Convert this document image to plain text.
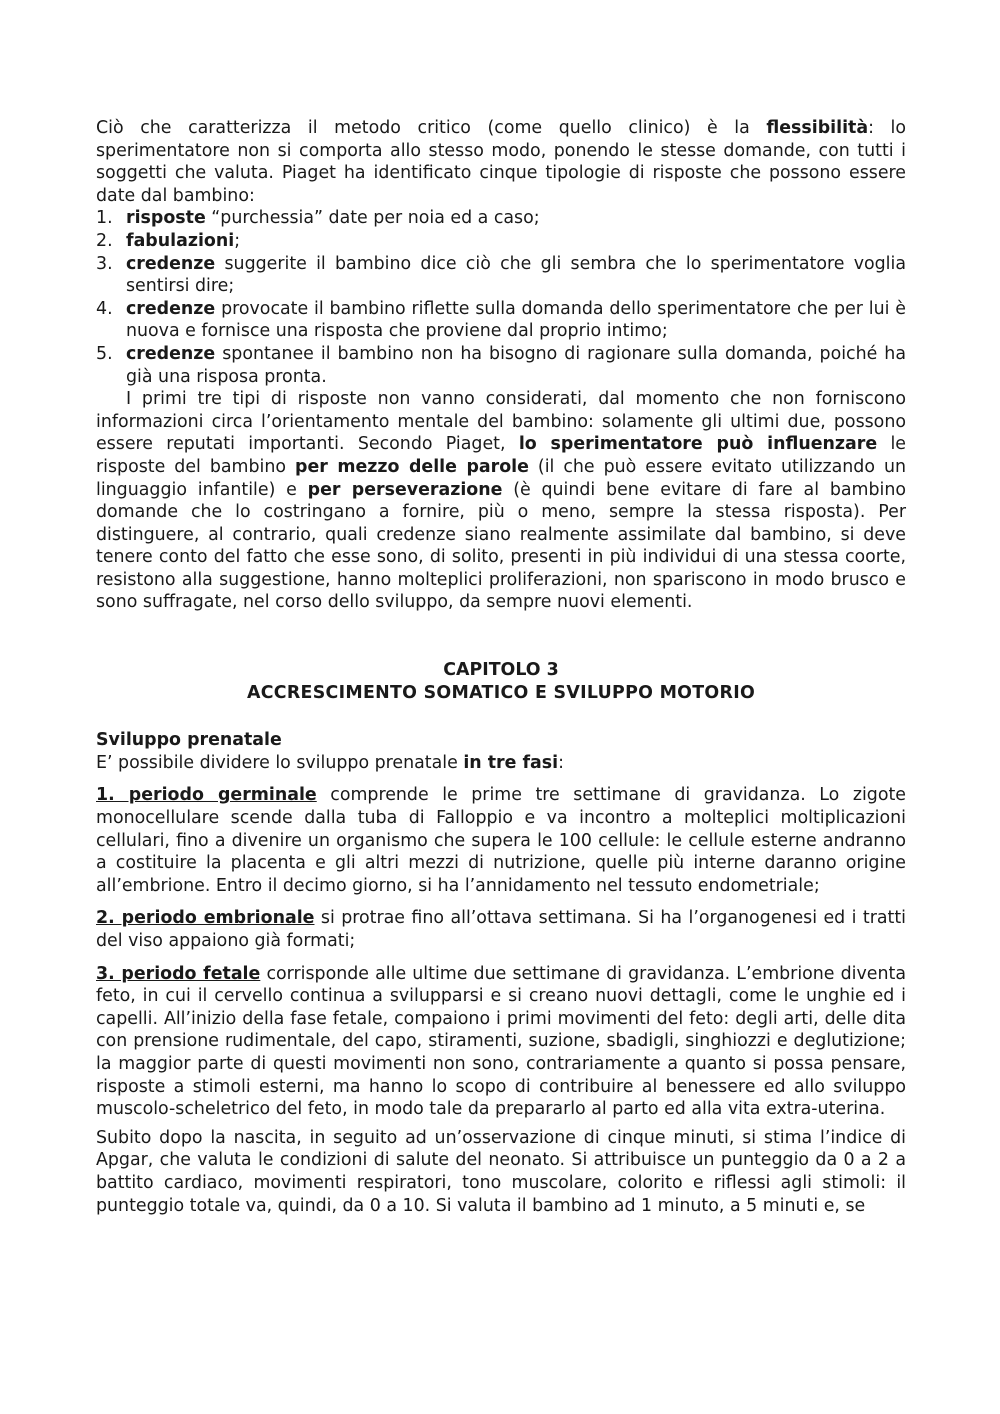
Ciò che caratterizza il metodo critico (come quello clinico) è la flessibilità: lo sperimentatore non si comporta allo stesso modo, ponendo le stesse domande, con tutti i soggetti che valuta. Piaget ha identificato cinque tipologie di risposte che possono essere date dal bambino:

1. risposte “purchessia” date per noia ed a caso;
2. fabulazioni;
3. credenze suggerite il bambino dice ciò che gli sembra che lo sperimentatore voglia sentirsi dire;
4. credenze provocate il bambino riflette sulla domanda dello sperimentatore che per lui è nuova e fornisce una risposta che proviene dal proprio intimo;
5. credenze spontanee il bambino non ha bisogno di ragionare sulla domanda, poiché ha già una risposa pronta.

I primi tre tipi di risposte non vanno considerati, dal momento che non forniscono informazioni circa l’orientamento mentale del bambino: solamente gli ultimi due, possono essere reputati importanti. Secondo Piaget, lo sperimentatore può influenzare le risposte del bambino per mezzo delle parole (il che può essere evitato utilizzando un linguaggio infantile) e per perseverazione (è quindi bene evitare di fare al bambino domande che lo costringano a fornire, più o meno, sempre la stessa risposta). Per distinguere, al contrario, quali credenze siano realmente assimilate dal bambino, si deve tenere conto del fatto che esse sono, di solito, presenti in più individui di una stessa coorte, resistono alla suggestione, hanno molteplici proliferazioni, non spariscono in modo brusco e sono suffragate, nel corso dello sviluppo, da sempre nuovi elementi.

CAPITOLO 3
ACCRESCIMENTO SOMATICO E SVILUPPO MOTORIO
Sviluppo prenatale

E’ possibile dividere lo sviluppo prenatale in tre fasi:

1. periodo germinale comprende le prime tre settimane di gravidanza. Lo zigote monocellulare scende dalla tuba di Falloppio e va incontro a molteplici moltiplicazioni cellulari, fino a divenire un organismo che supera le 100 cellule: le cellule esterne andranno a costituire la placenta e gli altri mezzi di nutrizione, quelle più interne daranno origine all’embrione. Entro il decimo giorno, si ha l’annidamento nel tessuto endometriale;

2. periodo embrionale si protrae fino all’ottava settimana. Si ha l’organogenesi ed i tratti del viso appaiono già formati;

3. periodo fetale corrisponde alle ultime due settimane di gravidanza. L’embrione diventa feto, in cui il cervello continua a svilupparsi e si creano nuovi dettagli, come le unghie ed i capelli. All’inizio della fase fetale, compaiono i primi movimenti del feto: degli arti, delle dita con prensione rudimentale, del capo, stiramenti, suzione, sbadigli, singhiozzi e deglutizione; la maggior parte di questi movimenti non sono, contrariamente a quanto si possa pensare, risposte a stimoli esterni, ma hanno lo scopo di contribuire al benessere ed allo sviluppo muscolo-scheletrico del feto, in modo tale da prepararlo al parto ed alla vita extra-uterina.

Subito dopo la nascita, in seguito ad un’osservazione di cinque minuti, si stima l’indice di Apgar, che valuta le condizioni di salute del neonato. Si attribuisce un punteggio da 0 a 2 a battito cardiaco, movimenti respiratori, tono muscolare, colorito e riflessi agli stimoli: il punteggio totale va, quindi, da 0 a 10. Si valuta il bambino ad 1 minuto, a 5 minuti e, se
